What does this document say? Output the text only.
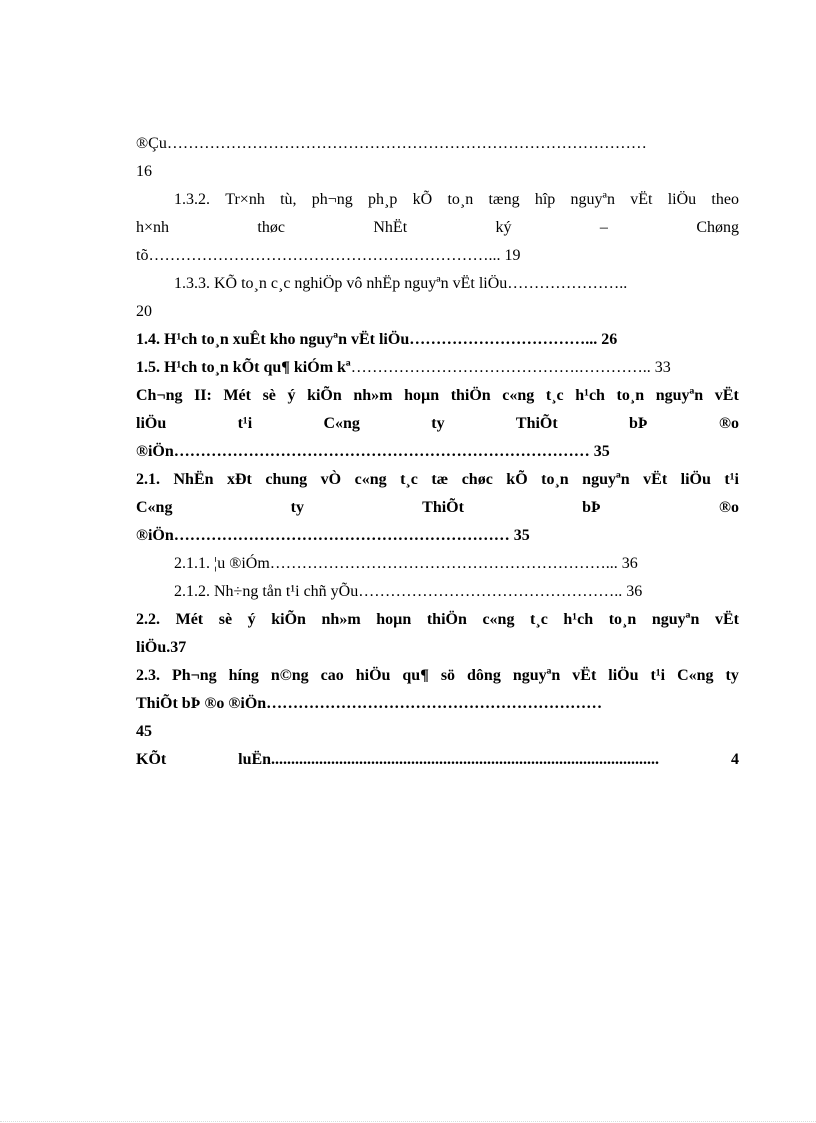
®Çu………………………………………………………………………………
16
1.3.2. Tr×nh tù, ph¬ng ph¸p kÕ to¸n tæng hîp nguyªn vËt liÖu theo
h×nh	thøc	NhËt	ký	–	Chøng
tõ………………………………………….……………... 19
1.3.3. KÕ to¸n c¸c nghiÖp vô nhËp nguyªn vËt liÖu…………………..
20
1.4. H¹ch to¸n xuÊt kho nguyªn vËt liÖu……………………………... 26
1.5. H¹ch to¸n kÕt qu¶ kiÓm kª…………………………………….………….. 33
Ch¬ng II: Mét sè ý kiÕn nh»m hoµn thiÖn c«ng t¸c h¹ch to¸n nguyªn vËt
liÖu	t¹i	C«ng	ty	ThiÕt	bÞ	®o
®iÖn…………………………………………………………………… 35
2.1. NhËn xÐt chung vÒ c«ng t¸c tæ chøc kÕ to¸n nguyªn vËt liÖu t¹i
C«ng	ty	ThiÕt	bÞ	®o
®iÖn……………………………………………………… 35
2.1.1. ¦u ®iÓm………………………………………………………... 36
2.1.2. Nh÷ng tån t¹i chñ yÕu………………………………………….. 36
2.2. Mét sè ý kiÕn nh»m hoµn thiÖn c«ng t¸c h¹ch to¸n nguyªn vËt
liÖu.37
2.3. Ph¬ng híng n©ng cao hiÖu qu¶ sö dông nguyªn vËt liÖu t¹i C«ng ty
ThiÕt bÞ ®o ®iÖn………………………………………………………
45
KÕt	luËn.................................................................................................	4
